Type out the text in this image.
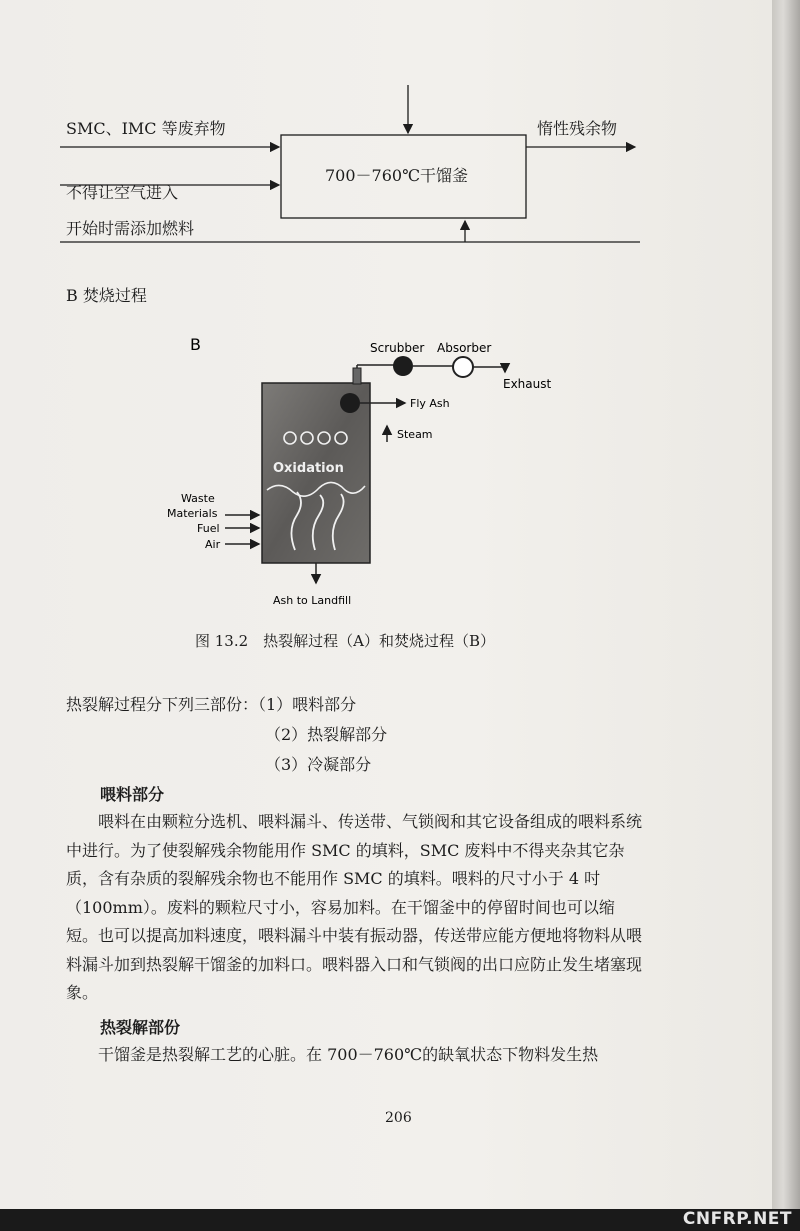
SMC、IMC 等废弃物
不得让空气进入
开始时需添加燃料
惰性残余物
700－760℃干馏釜
B 焚烧过程
B	Scrubber Absorber
Exhaust
Fly Ash
Steam
Oxidation
Waste
Materials
Fuel
Air
Ash to Landfill
图 13.2　热裂解过程（A）和焚烧过程（B）
热裂解过程分下列三部份：（1）喂料部分
（2）热裂解部分
（3）冷凝部分
喂料部分

喂料在由颗粒分选机、喂料漏斗、传送带、气锁阀和其它设备组成的喂料系统中进行。为了使裂解残余物能用作 SMC 的填料，SMC 废料中不得夹杂其它杂质，含有杂质的裂解残余物也不能用作 SMC 的填料。喂料的尺寸小于 4 吋（100mm）。废料的颗粒尺寸小，容易加料。在干馏釜中的停留时间也可以缩短。也可以提高加料速度，喂料漏斗中装有振动器，传送带应能方便地将物料从喂料漏斗加到热裂解干馏釜的加料口。喂料器入口和气锁阀的出口应防止发生堵塞现象。

热裂解部份

干馏釜是热裂解工艺的心脏。在 700－760℃的缺氧状态下物料发生热

206
CNFRP.NET
